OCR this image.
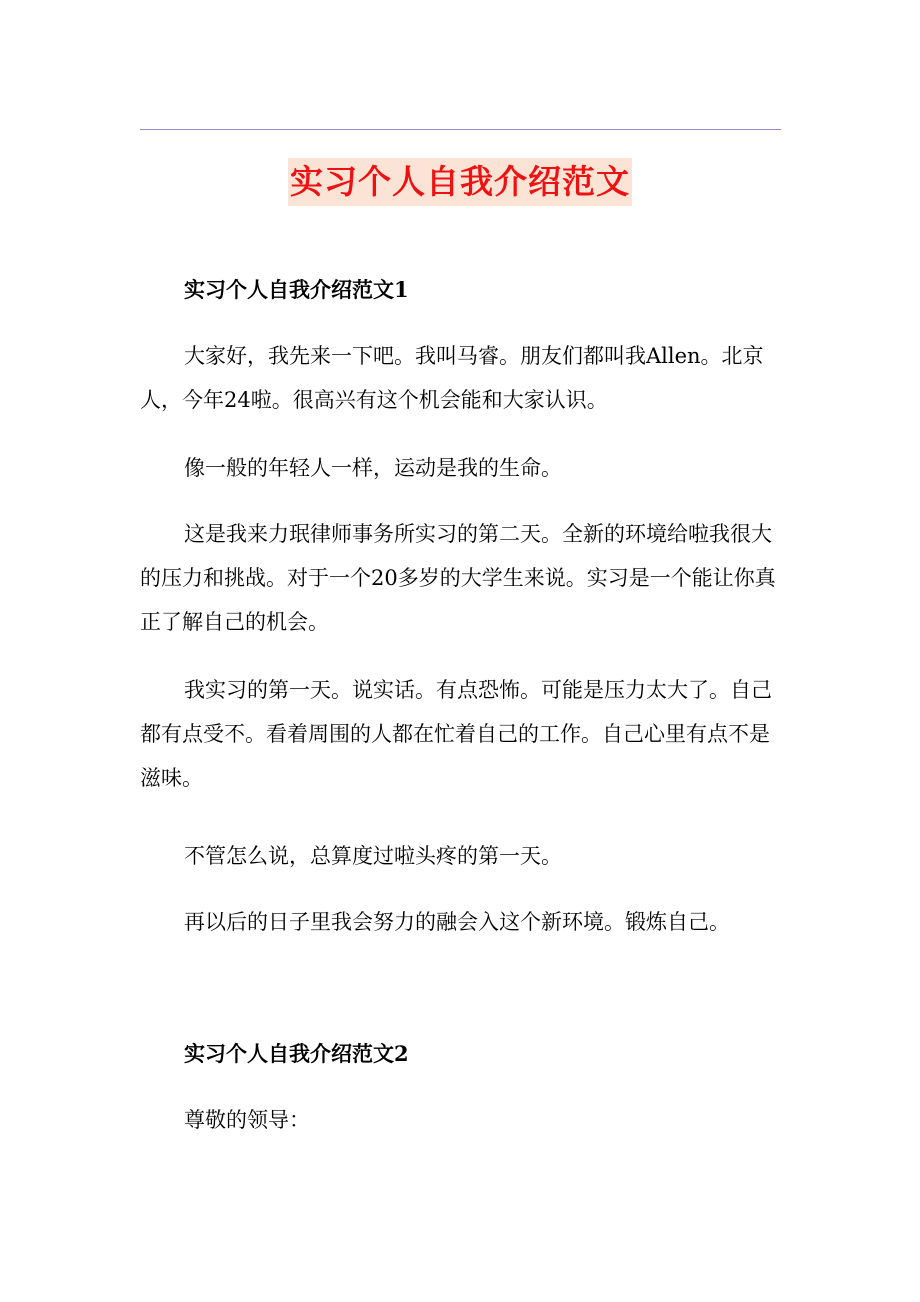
实习个人自我介绍范文

实习个人自我介绍范文1

大家好，我先来一下吧。我叫马睿。朋友们都叫我Allen。北京人，今年24啦。很高兴有这个机会能和大家认识。

像一般的年轻人一样，运动是我的生命。

这是我来力珉律师事务所实习的第二天。全新的环境给啦我很大的压力和挑战。对于一个20多岁的大学生来说。实习是一个能让你真正了解自己的机会。

我实习的第一天。说实话。有点恐怖。可能是压力太大了。自己都有点受不。看着周围的人都在忙着自己的工作。自己心里有点不是滋味。

不管怎么说，总算度过啦头疼的第一天。

再以后的日子里我会努力的融会入这个新环境。锻炼自己。

实习个人自我介绍范文2

尊敬的领导：
